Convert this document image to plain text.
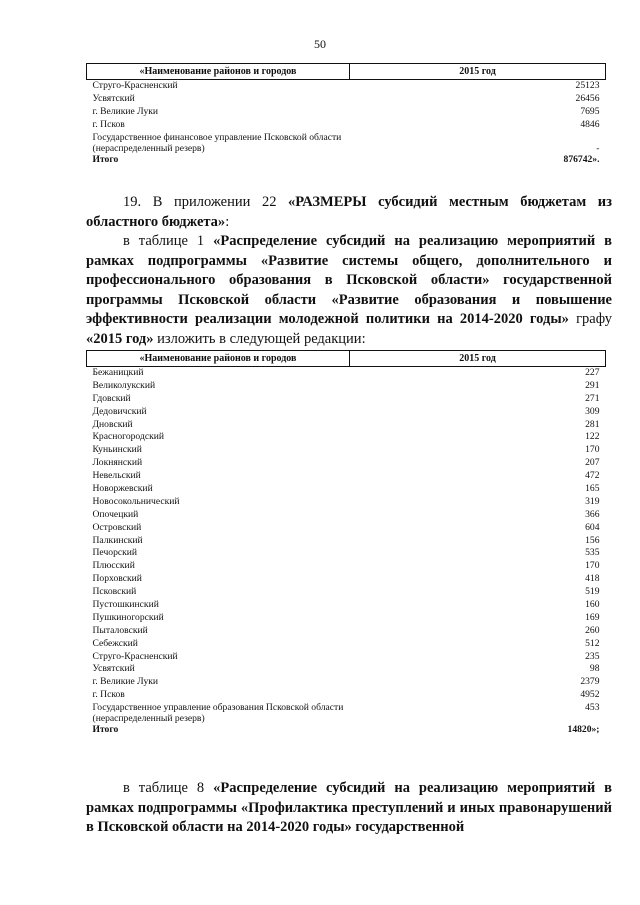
50
«Наименование районов и городов	2015 год
Струго-Красненский	25123
Усвятский	26456
г. Великие Луки	7695
г. Псков	4846
Государственное финансовое управление Псковской области (нераспределенный резерв)	-
Итого	876742».
19. В приложении 22 «РАЗМЕРЫ субсидий местным бюджетам из областного бюджета»:
в таблице 1 «Распределение субсидий на реализацию мероприятий в рамках подпрограммы «Развитие системы общего, дополнительного и профессионального образования в Псковской области» государственной программы Псковской области «Развитие образования и повышение эффективности реализации молодежной политики на 2014-2020 годы» графу «2015 год» изложить в следующей редакции:
«Наименование районов и городов	2015 год
Бежаницкий	227
Великолукский	291
Гдовский	271
Дедовичский	309
Дновский	281
Красногородский	122
Куньинский	170
Локнянский	207
Невельский	472
Новоржевский	165
Новосокольнический	319
Опочецкий	366
Островский	604
Палкинский	156
Печорский	535
Плюсский	170
Порховский	418
Псковский	519
Пустошкинский	160
Пушкиногорский	169
Пыталовский	260
Себежский	512
Струго-Красненский	235
Усвятский	98
г. Великие Луки	2379
г. Псков	4952
Государственное управление образования Псковской области (нераспределенный резерв)	453
Итого	14820»;
в таблице 8 «Распределение субсидий на реализацию мероприятий в рамках подпрограммы «Профилактика преступлений и иных правонарушений в Псковской области на 2014-2020 годы» государственной
